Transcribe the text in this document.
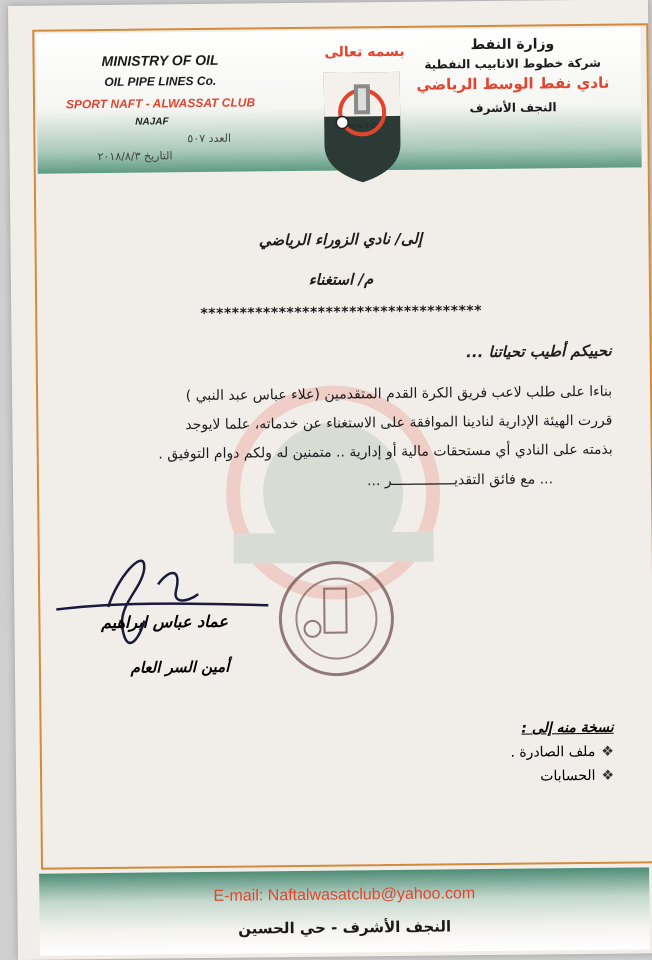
MINISTRY OF OIL
OIL PIPE LINES Co.
SPORT NAFT - ALWASSAT CLUB
NAJAF
العدد ٥٠٧
التاريخ ٢٠١٨/٨/٣
بسمه تعالى
W N S C
وزارة النفط
شركة خطوط الانابيب النفطية
نادي نفط الوسط الرياضي
النجف الأشرف
إلى/ نادي الزوراء الرياضي
م/ استغناء
************************************
نحييكم أطيب تحياتنا ...

بناءا على طلب لاعب فريق الكرة القدم المتقدمين (علاء عباس عبد النبي )

قررت الهيئة الإدارية لنادينا الموافقة على الاستغناء عن خدماته، علما لايوجد

بذمته على النادي أي مستحقات مالية أو إدارية .. متمنين له ولكم دوام التوفيق .

... مع فائق التقديـــــــــــــــر ...

عماد عباس ابراهيم
أمين السر العام
نسخة منه إلى :
❖ملف الصادرة .
❖الحسابات
E-mail: Naftalwasatclub@yahoo.com
النجف الأشرف - حي الحسين
